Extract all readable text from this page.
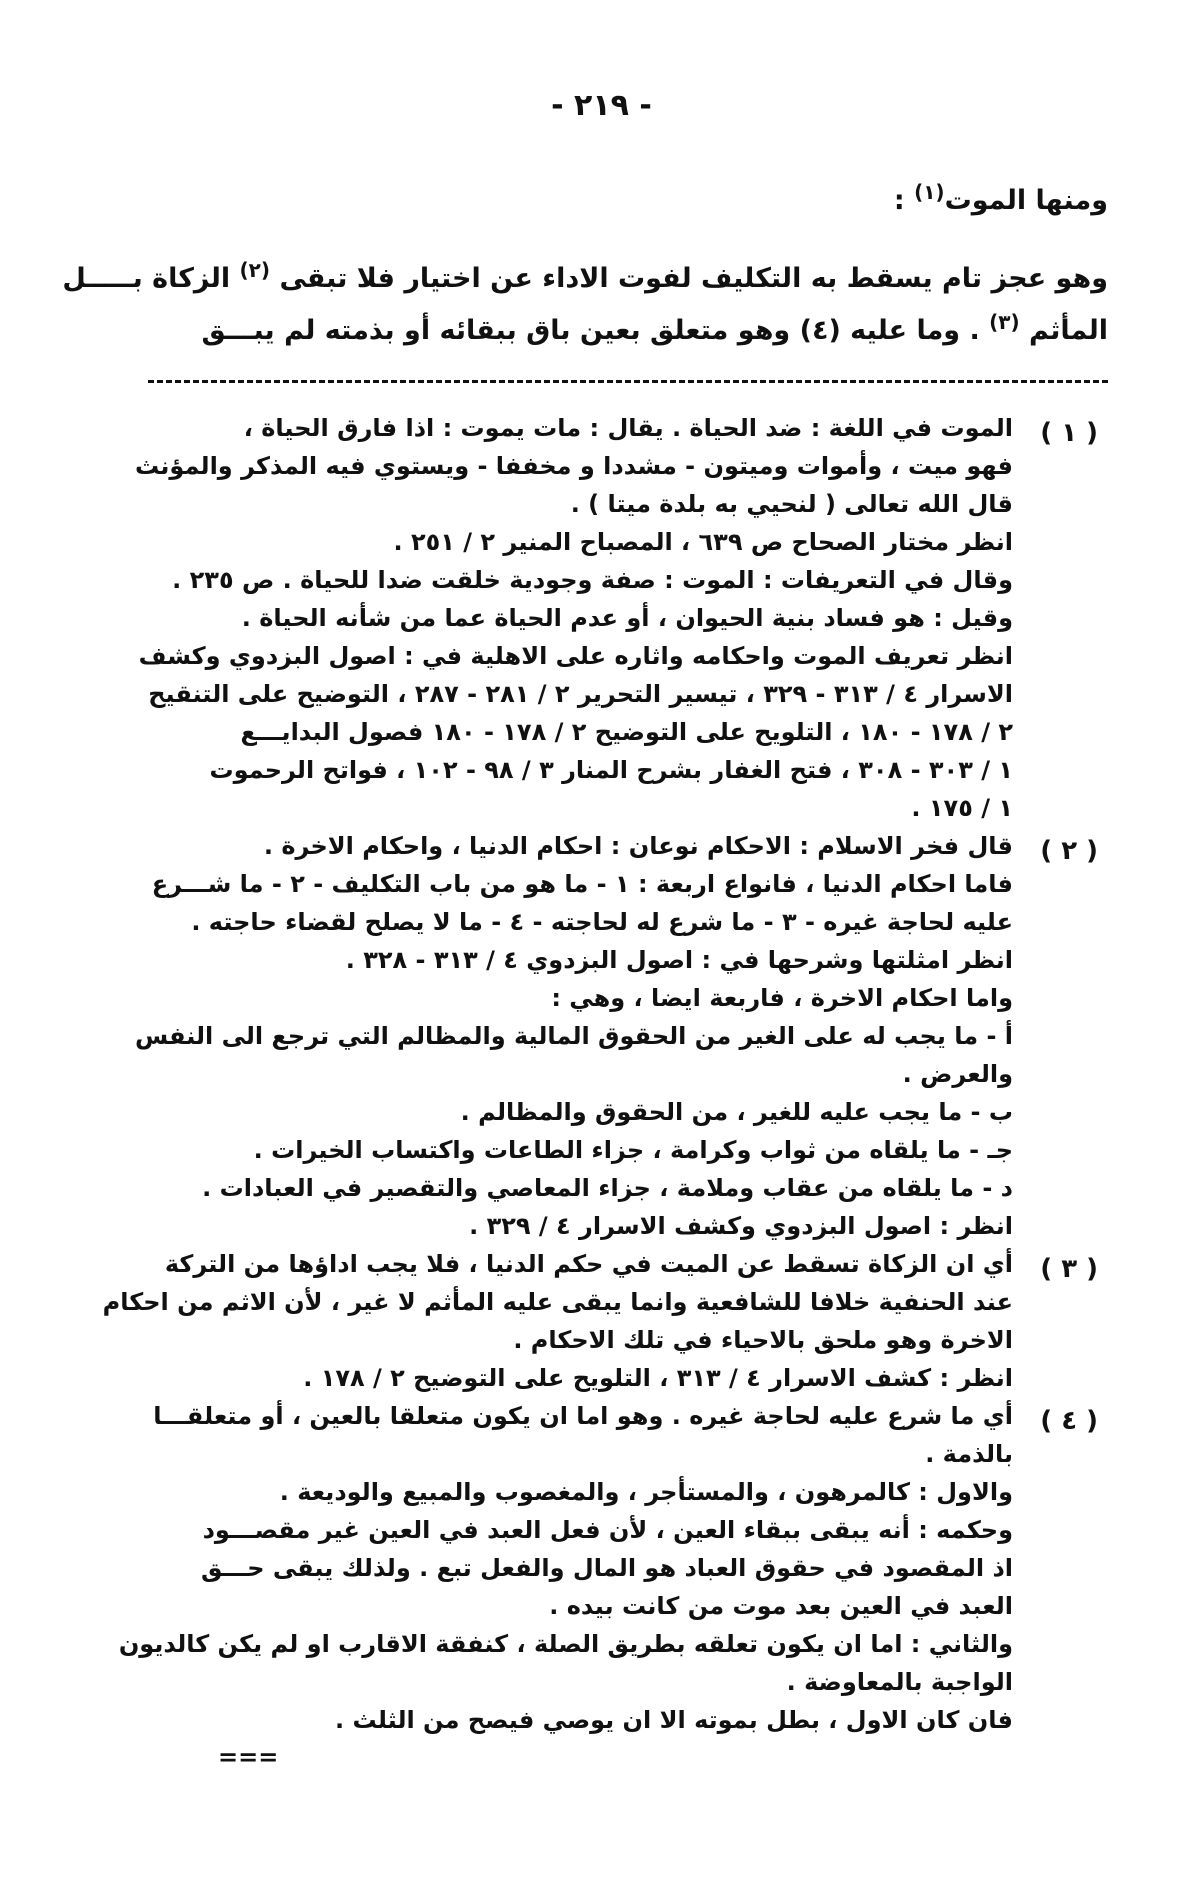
- ٢١٩ -
ومنها الموت$^{(١)}$ :
وهو عجز تام يسقط به التكليف لفوت الاداء عن اختيار فلا تبقى $^{(٢)}$ الزكاة بـــــل
المأثم $^{(٣)}$ . وما عليه (٤) وهو متعلق بعين باق ببقائه أو بذمته لم يبـــق
( ١ )
الموت في اللغة : ضد الحياة . يقال : مات يموت : اذا فارق الحياة ،
فهو ميت ، وأموات وميتون - مشددا و مخففا - ويستوي فيه المذكر والمؤنث
قال الله تعالى ( لنحيي به بلدة ميتا ) .
انظر مختار الصحاح ص ٦٣٩ ، المصباح المنير ٢ / ٢٥١ .
وقال في التعريفات : الموت : صفة وجودية خلقت ضدا للحياة . ص ٢٣٥ .
وقيل : هو فساد بنية الحيوان ، أو عدم الحياة عما من شأنه الحياة .
انظر تعريف الموت واحكامه واثاره على الاهلية في : اصول البزدوي وكشف
الاسرار ٤ / ٣١٣ - ٣٢٩ ، تيسير التحرير ٢ / ٢٨١ - ٢٨٧ ، التوضيح على التنقيح
٢ / ١٧٨ - ١٨٠ ، التلويح على التوضيح ٢ / ١٧٨ - ١٨٠ فصول البدايـــع
١ / ٣٠٣ - ٣٠٨ ، فتح الغفار بشرح المنار ٣ / ٩٨ - ١٠٢ ، فواتح الرحموت
١ / ١٧٥ .
( ٢ )
قال فخر الاسلام : الاحكام نوعان : احكام الدنيا ، واحكام الاخرة .
فاما احكام الدنيا ، فانواع اربعة : ١ - ما هو من باب التكليف - ٢ - ما شـــرع
عليه لحاجة غيره - ٣ - ما شرع له لحاجته - ٤ - ما لا يصلح لقضاء حاجته .
انظر امثلتها وشرحها في : اصول البزدوي ٤ / ٣١٣ - ٣٢٨ .
واما احكام الاخرة ، فاربعة ايضا ، وهي :
أ - ما يجب له على الغير من الحقوق المالية والمظالم التي ترجع الى النفس
والعرض .
ب - ما يجب عليه للغير ، من الحقوق والمظالم .
جـ - ما يلقاه من ثواب وكرامة ، جزاء الطاعات واكتساب الخيرات .
د - ما يلقاه من عقاب وملامة ، جزاء المعاصي والتقصير في العبادات .
انظر : اصول البزدوي وكشف الاسرار ٤ / ٣٢٩ .
( ٣ )
أي ان الزكاة تسقط عن الميت في حكم الدنيا ، فلا يجب اداؤها من التركة
عند الحنفية خلافا للشافعية وانما يبقى عليه المأثم لا غير ، لأن الاثم من احكام
الاخرة وهو ملحق بالاحياء في تلك الاحكام .
انظر : كشف الاسرار ٤ / ٣١٣ ، التلويح على التوضيح ٢ / ١٧٨ .
( ٤ )
أي ما شرع عليه لحاجة غيره . وهو اما ان يكون متعلقا بالعين ، أو متعلقـــا
بالذمة .
والاول : كالمرهون ، والمستأجر ، والمغصوب والمبيع والوديعة .
وحكمه : أنه يبقى ببقاء العين ، لأن فعل العبد في العين غير مقصـــود
اذ المقصود في حقوق العباد هو المال والفعل تبع . ولذلك يبقى حـــق
العبد في العين بعد موت من كانت بيده .
والثاني : اما ان يكون تعلقه بطريق الصلة ، كنفقة الاقارب او لم يكن كالديون
الواجبة بالمعاوضة .
فان كان الاول ، بطل بموته الا ان يوصي فيصح من الثلث .
===
